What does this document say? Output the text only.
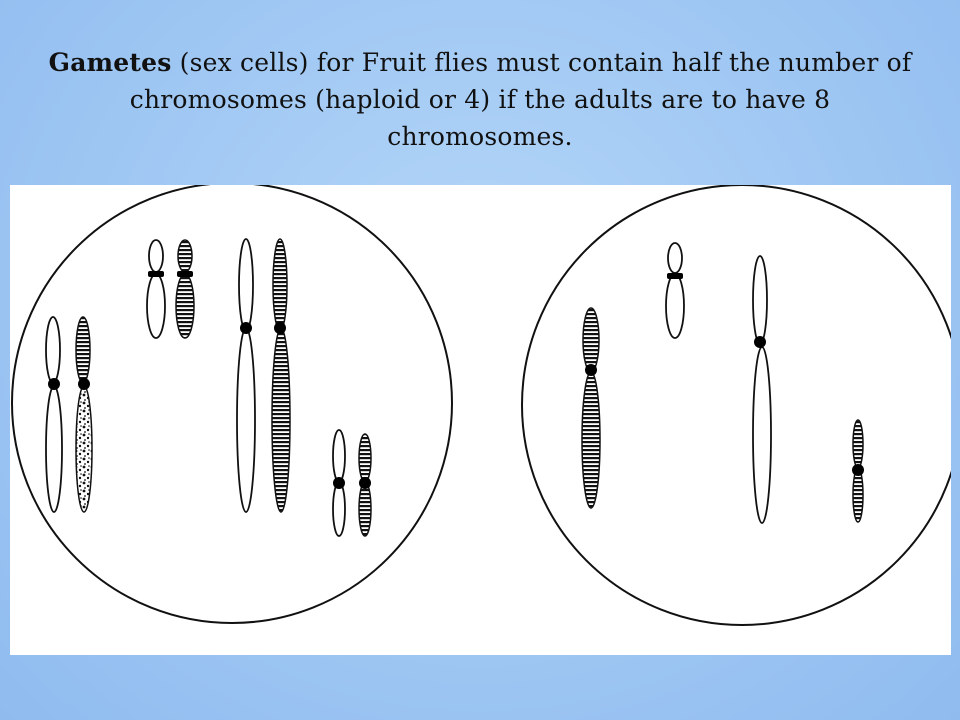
Gametes (sex cells) for Fruit flies must contain half the number of
chromosomes (haploid or 4) if the adults are to have 8
chromosomes.
